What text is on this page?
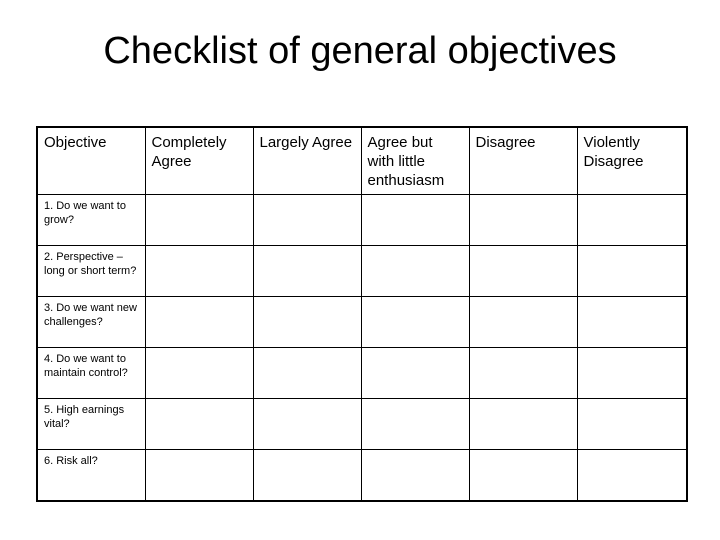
Checklist of general objectives
Objective	Completely Agree	Largely Agree	Agree but with little enthusiasm	Disagree	Violently Disagree
1. Do we want to grow?					
2. Perspective – long or short term?					
3. Do we want new challenges?					
4. Do we want to maintain control?					
5. High earnings vital?					
6. Risk all?					
